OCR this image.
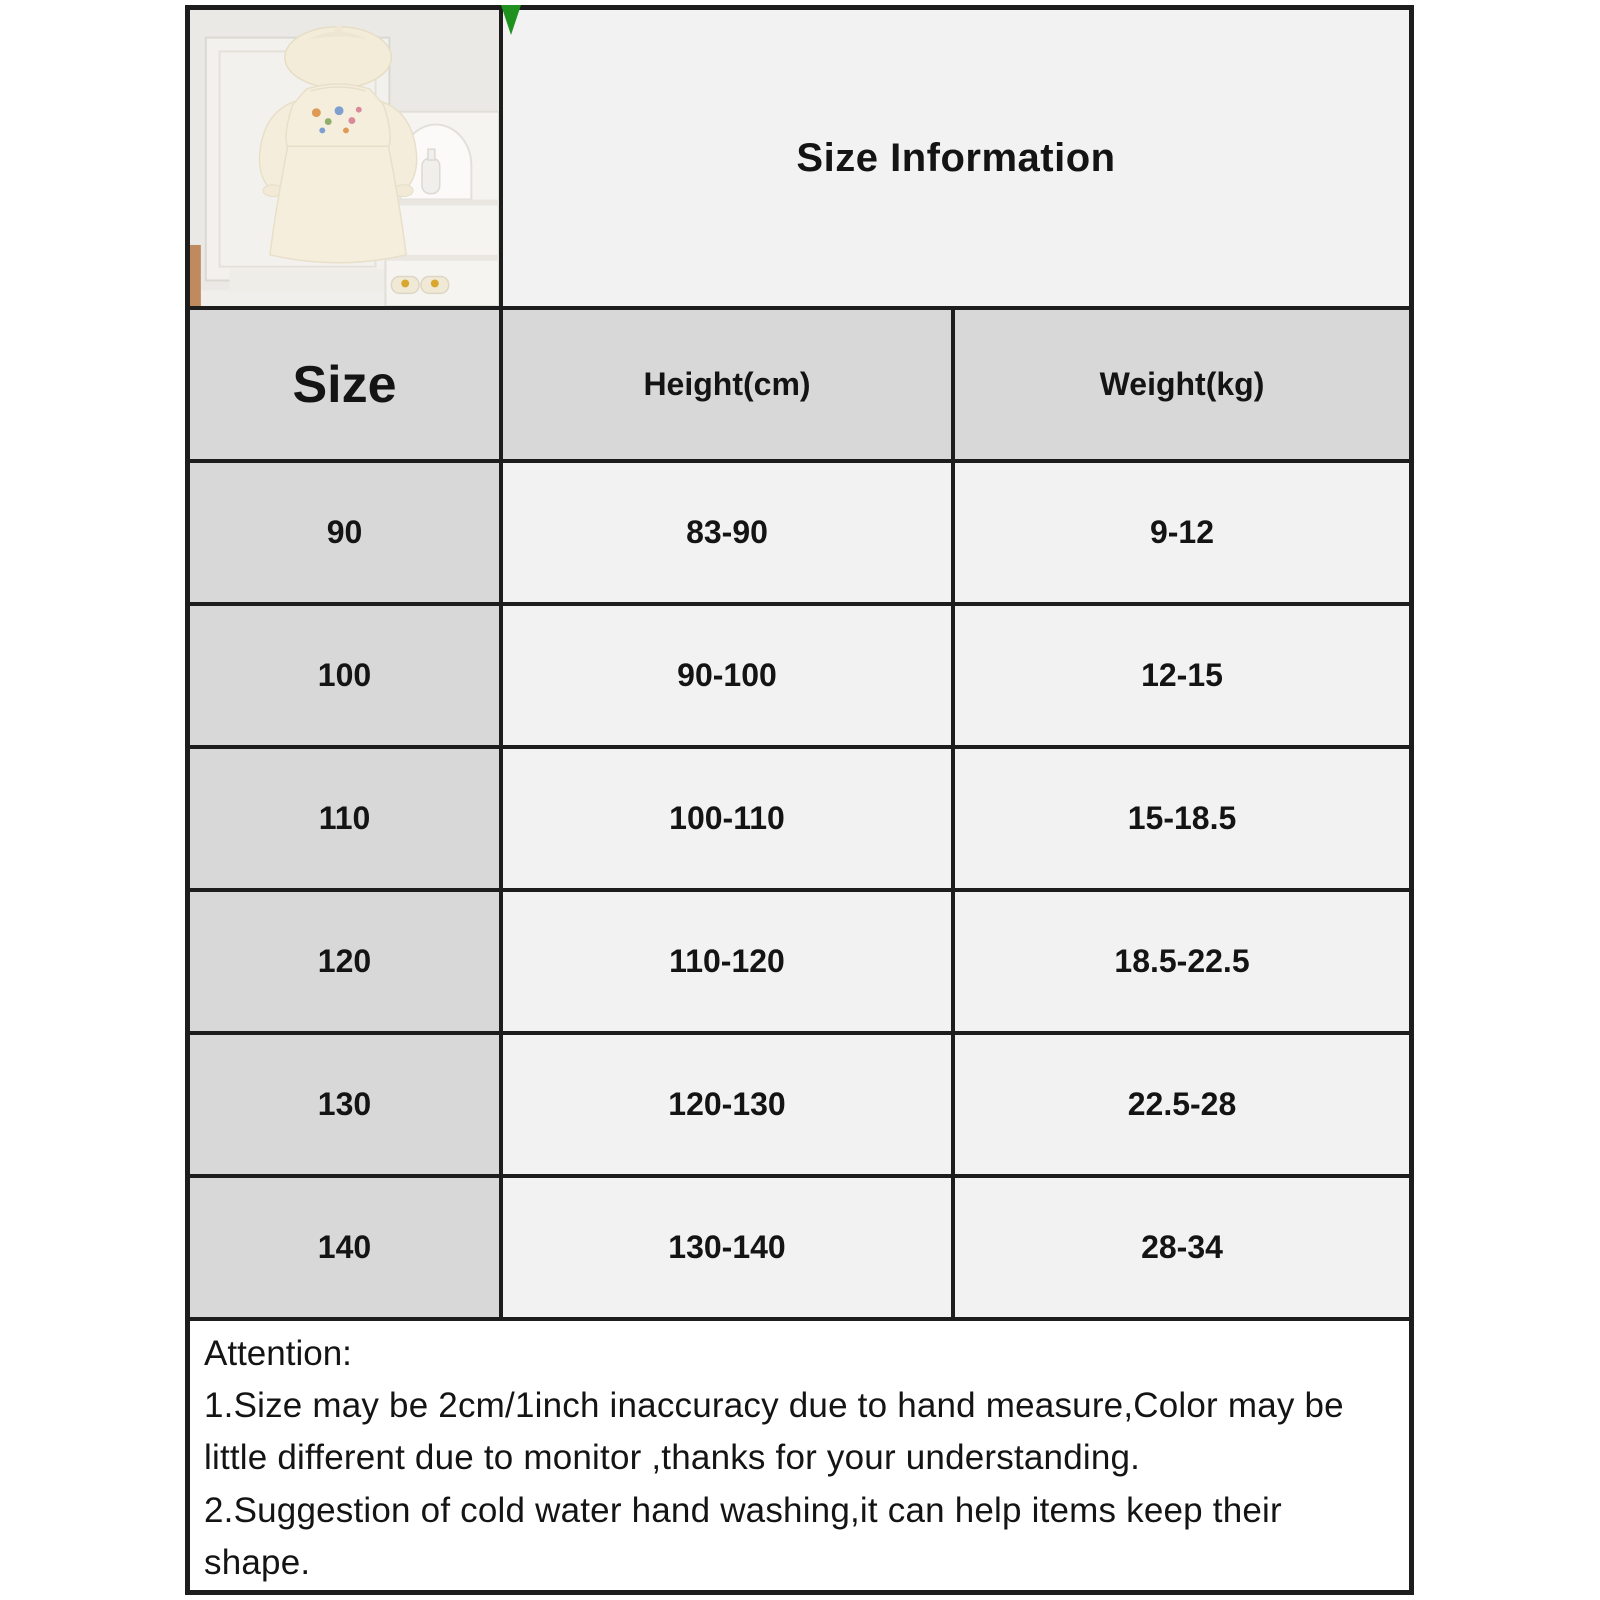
Size Information
Size	Height(cm)	Weight(kg)
90	83-90	9-12
100	90-100	12-15
110	100-110	15-18.5
120	110-120	18.5-22.5
130	120-130	22.5-28
140	130-140	28-34
Attention:
1.Size may be 2cm/1inch inaccuracy due to hand measure,Color may be little different due to monitor ,thanks for your understanding.
2.Suggestion of cold water hand washing,it can help items keep their shape.
